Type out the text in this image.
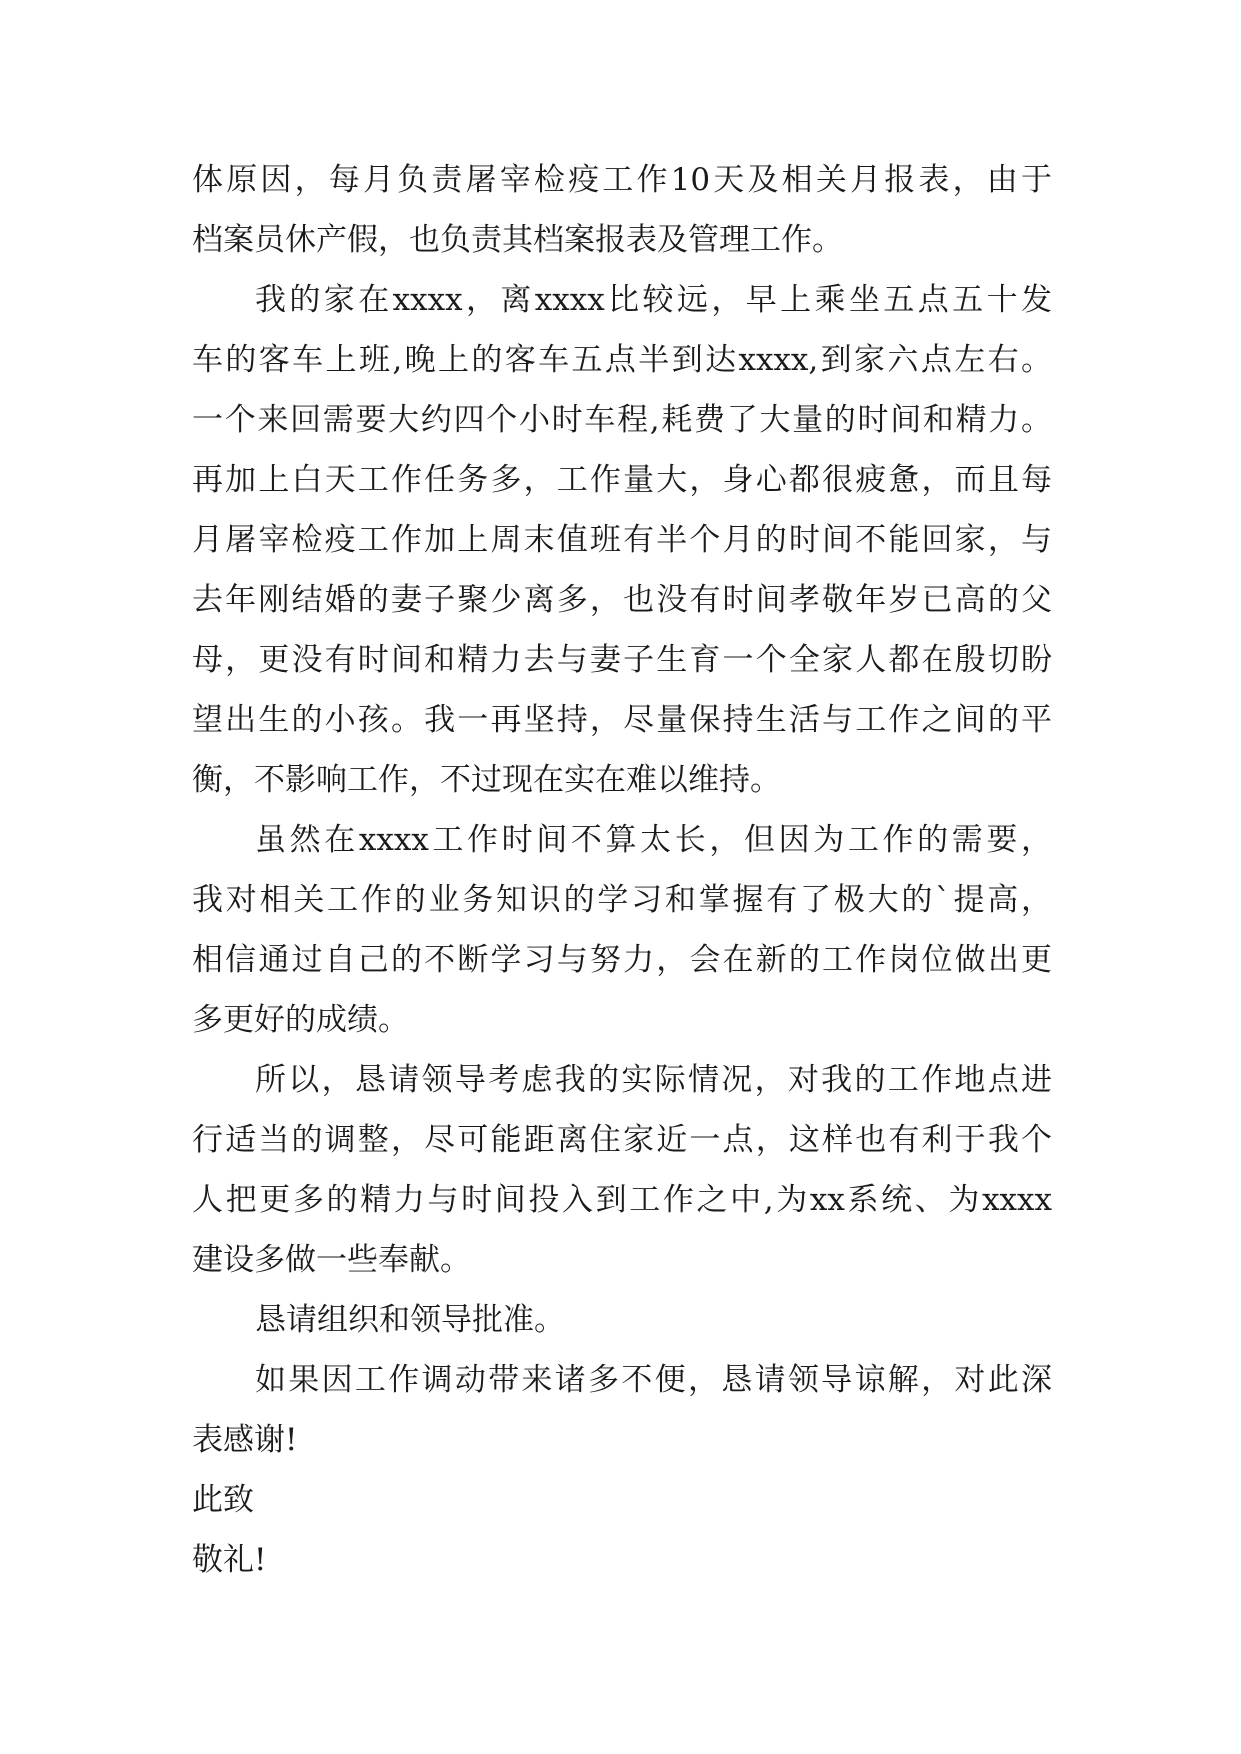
体原因，每月负责屠宰检疫工作10天及相关月报表，由于
档案员休产假，也负责其档案报表及管理工作。
我的家在xxxx，离xxxx比较远，早上乘坐五点五十发
车的客车上班,晚上的客车五点半到达xxxx,到家六点左右。
一个来回需要大约四个小时车程,耗费了大量的时间和精力。
再加上白天工作任务多，工作量大，身心都很疲惫，而且每
月屠宰检疫工作加上周末值班有半个月的时间不能回家，与
去年刚结婚的妻子聚少离多，也没有时间孝敬年岁已高的父
母，更没有时间和精力去与妻子生育一个全家人都在殷切盼
望出生的小孩。我一再坚持，尽量保持生活与工作之间的平
衡，不影响工作，不过现在实在难以维持。
虽然在xxxx工作时间不算太长，但因为工作的需要，
我对相关工作的业务知识的学习和掌握有了极大的`提高，
相信通过自己的不断学习与努力，会在新的工作岗位做出更
多更好的成绩。
所以，恳请领导考虑我的实际情况，对我的工作地点进
行适当的调整，尽可能距离住家近一点，这样也有利于我个
人把更多的精力与时间投入到工作之中,为xx系统、为xxxx
建设多做一些奉献。
恳请组织和领导批准。
如果因工作调动带来诸多不便，恳请领导谅解，对此深
表感谢!
此致
敬礼!
